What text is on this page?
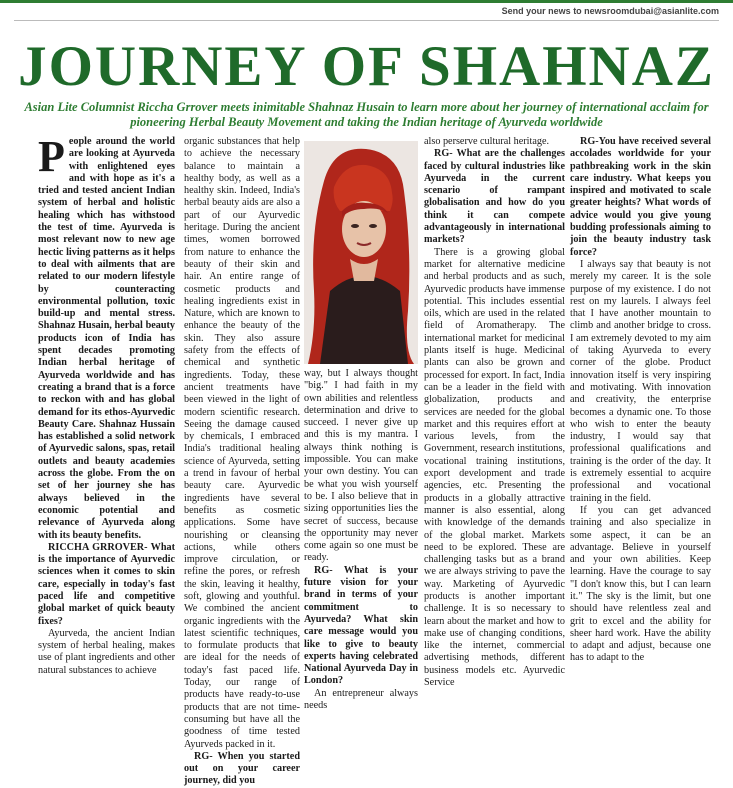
Send your news to newsroomdubai@asianlite.com
JOURNEY OF SHAHNAZ

Asian Lite Columnist Riccha Grrover meets inimitable Shahnaz Husain to learn more about her journey of international acclaim for pioneering Herbal Beauty Movement and taking the Indian heritage of Ayurveda worldwide

People around the world are looking at Ayurveda with enlightened eyes and with hope as it's a tried and tested ancient Indian system of herbal and holistic healing which has withstood the test of time. Ayurveda is most relevant now to new age hectic living patterns as it helps to deal with ailments that are related to our modern lifestyle by counteracting environmental pollution, toxic build-up and mental stress. Shahnaz Husain, herbal beauty products icon of India has spent decades promoting Indian herbal heritage of Ayurveda worldwide and has creating a brand that is a force to reckon with and has global demand for its ethos-Ayurvedic Beauty Care. Shahnaz Hussain has established a solid network of Ayurvedic salons, spas, retail outlets and beauty academies across the globe. From the on set of her journey she has always believed in the economic potential and relevance of Ayurveda along with its beauty benefits.

RICCHA GRROVER- What is the importance of Ayurvedic sciences when it comes to skin care, especially in today's fast paced life and competitive global market of quick beauty fixes?

Ayurveda, the ancient Indian system of herbal healing, makes use of plant ingredients and other natural substances to achieve

organic substances that help to achieve the necessary balance to maintain a healthy body, as well as a healthy skin. Indeed, India's herbal beauty aids are also a part of our Ayurvedic heritage. During the ancient times, women borrowed from nature to enhance the beauty of their skin and hair. An entire range of cosmetic products and healing ingredients exist in Nature, which are known to enhance the beauty of the skin. They also assure safety from the effects of chemical and synthetic ingredients. Today, these ancient treatments have been viewed in the light of modern scientific research. Seeing the damage caused by chemicals, I embraced India's traditional healing science of Ayurveda, setting a trend in favour of herbal beauty care. Ayurvedic ingredients have several benefits as cosmetic applications. Some have nourishing or cleansing actions, while others improve circulation, or refine the pores, or refresh the skin, leaving it healthy, soft, glowing and youthful. We combined the ancient organic ingredients with the latest scientific techniques, to formulate products that are ideal for the needs of today's fast paced life. Today, our range of products have ready-to-use products that are not time-consuming but have all the goodness of time tested Ayurveds packed in it.

RG- When you started out on your career journey, did you

way, but I always thought "big." I had faith in my own abilities and relentless determination and drive to succeed. I never give up and this is my mantra. I always think nothing is impossible. You can make your own destiny. You can be what you wish yourself to be. I also believe that in sizing opportunities lies the secret of success, because the opportunity may never come again so one must be ready.

RG- What is your future vision for your brand in terms of your commitment to Ayurveda? What skin care message would you like to give to beauty experts having celebrated National Ayurveda Day in London?

An entrepreneur always needs

also perserve cultural heritage.

RG- What are the challenges faced by cultural industries like Ayurveda in the current scenario of rampant globalisation and how do you think it can compete advantageously in international markets?

There is a growing global market for alternative medicine and herbal products and as such, Ayurvedic products have immense potential. This includes essential oils, which are used in the related field of Aromatherapy. The international market for medicinal plants itself is huge. Medicinal plants can also be grown and processed for export. In fact, India can be a leader in the field with globalization, products and services are needed for the global market and this requires effort at various levels, from the Government, research institutions, vocational training institutions, export development and trade agencies, etc. Presenting the products in a globally attractive manner is also essential, along with knowledge of the demands of the global market. Markets need to be explored. These are challenging tasks but as a brand we are always striving to pave the way. Marketing of Ayurvedic products is another important challenge. It is so necessary to learn about the market and how to make use of changing conditions, like the internet, commercial advertising methods, different business models etc. Ayurvedic Service

RG-You have received several accolades worldwide for your pathbreaking work in the skin care industry. What keeps you inspired and motivated to scale greater heights? What words of advice would you give young budding professionals aiming to join the beauty industry task force?

I always say that beauty is not merely my career. It is the sole purpose of my existence. I do not rest on my laurels. I always feel that I have another mountain to climb and another bridge to cross. I am extremely devoted to my aim of taking Ayurveda to every corner of the globe. Product innovation itself is very inspiring and motivating. With innovation and creativity, the enterprise becomes a dynamic one. To those who wish to enter the beauty industry, I would say that professional qualifications and training is the order of the day. It is extremely essential to acquire professional and vocational training in the field.

If you can get advanced training and also specialize in some aspect, it can be an advantage. Believe in yourself and your own abilities. Keep learning. Have the courage to say "I don't know this, but I can learn it." The sky is the limit, but one should have relentless zeal and grit to excel and the ability for sheer hard work. Have the ability to adapt and adjust, because one has to adapt to the
